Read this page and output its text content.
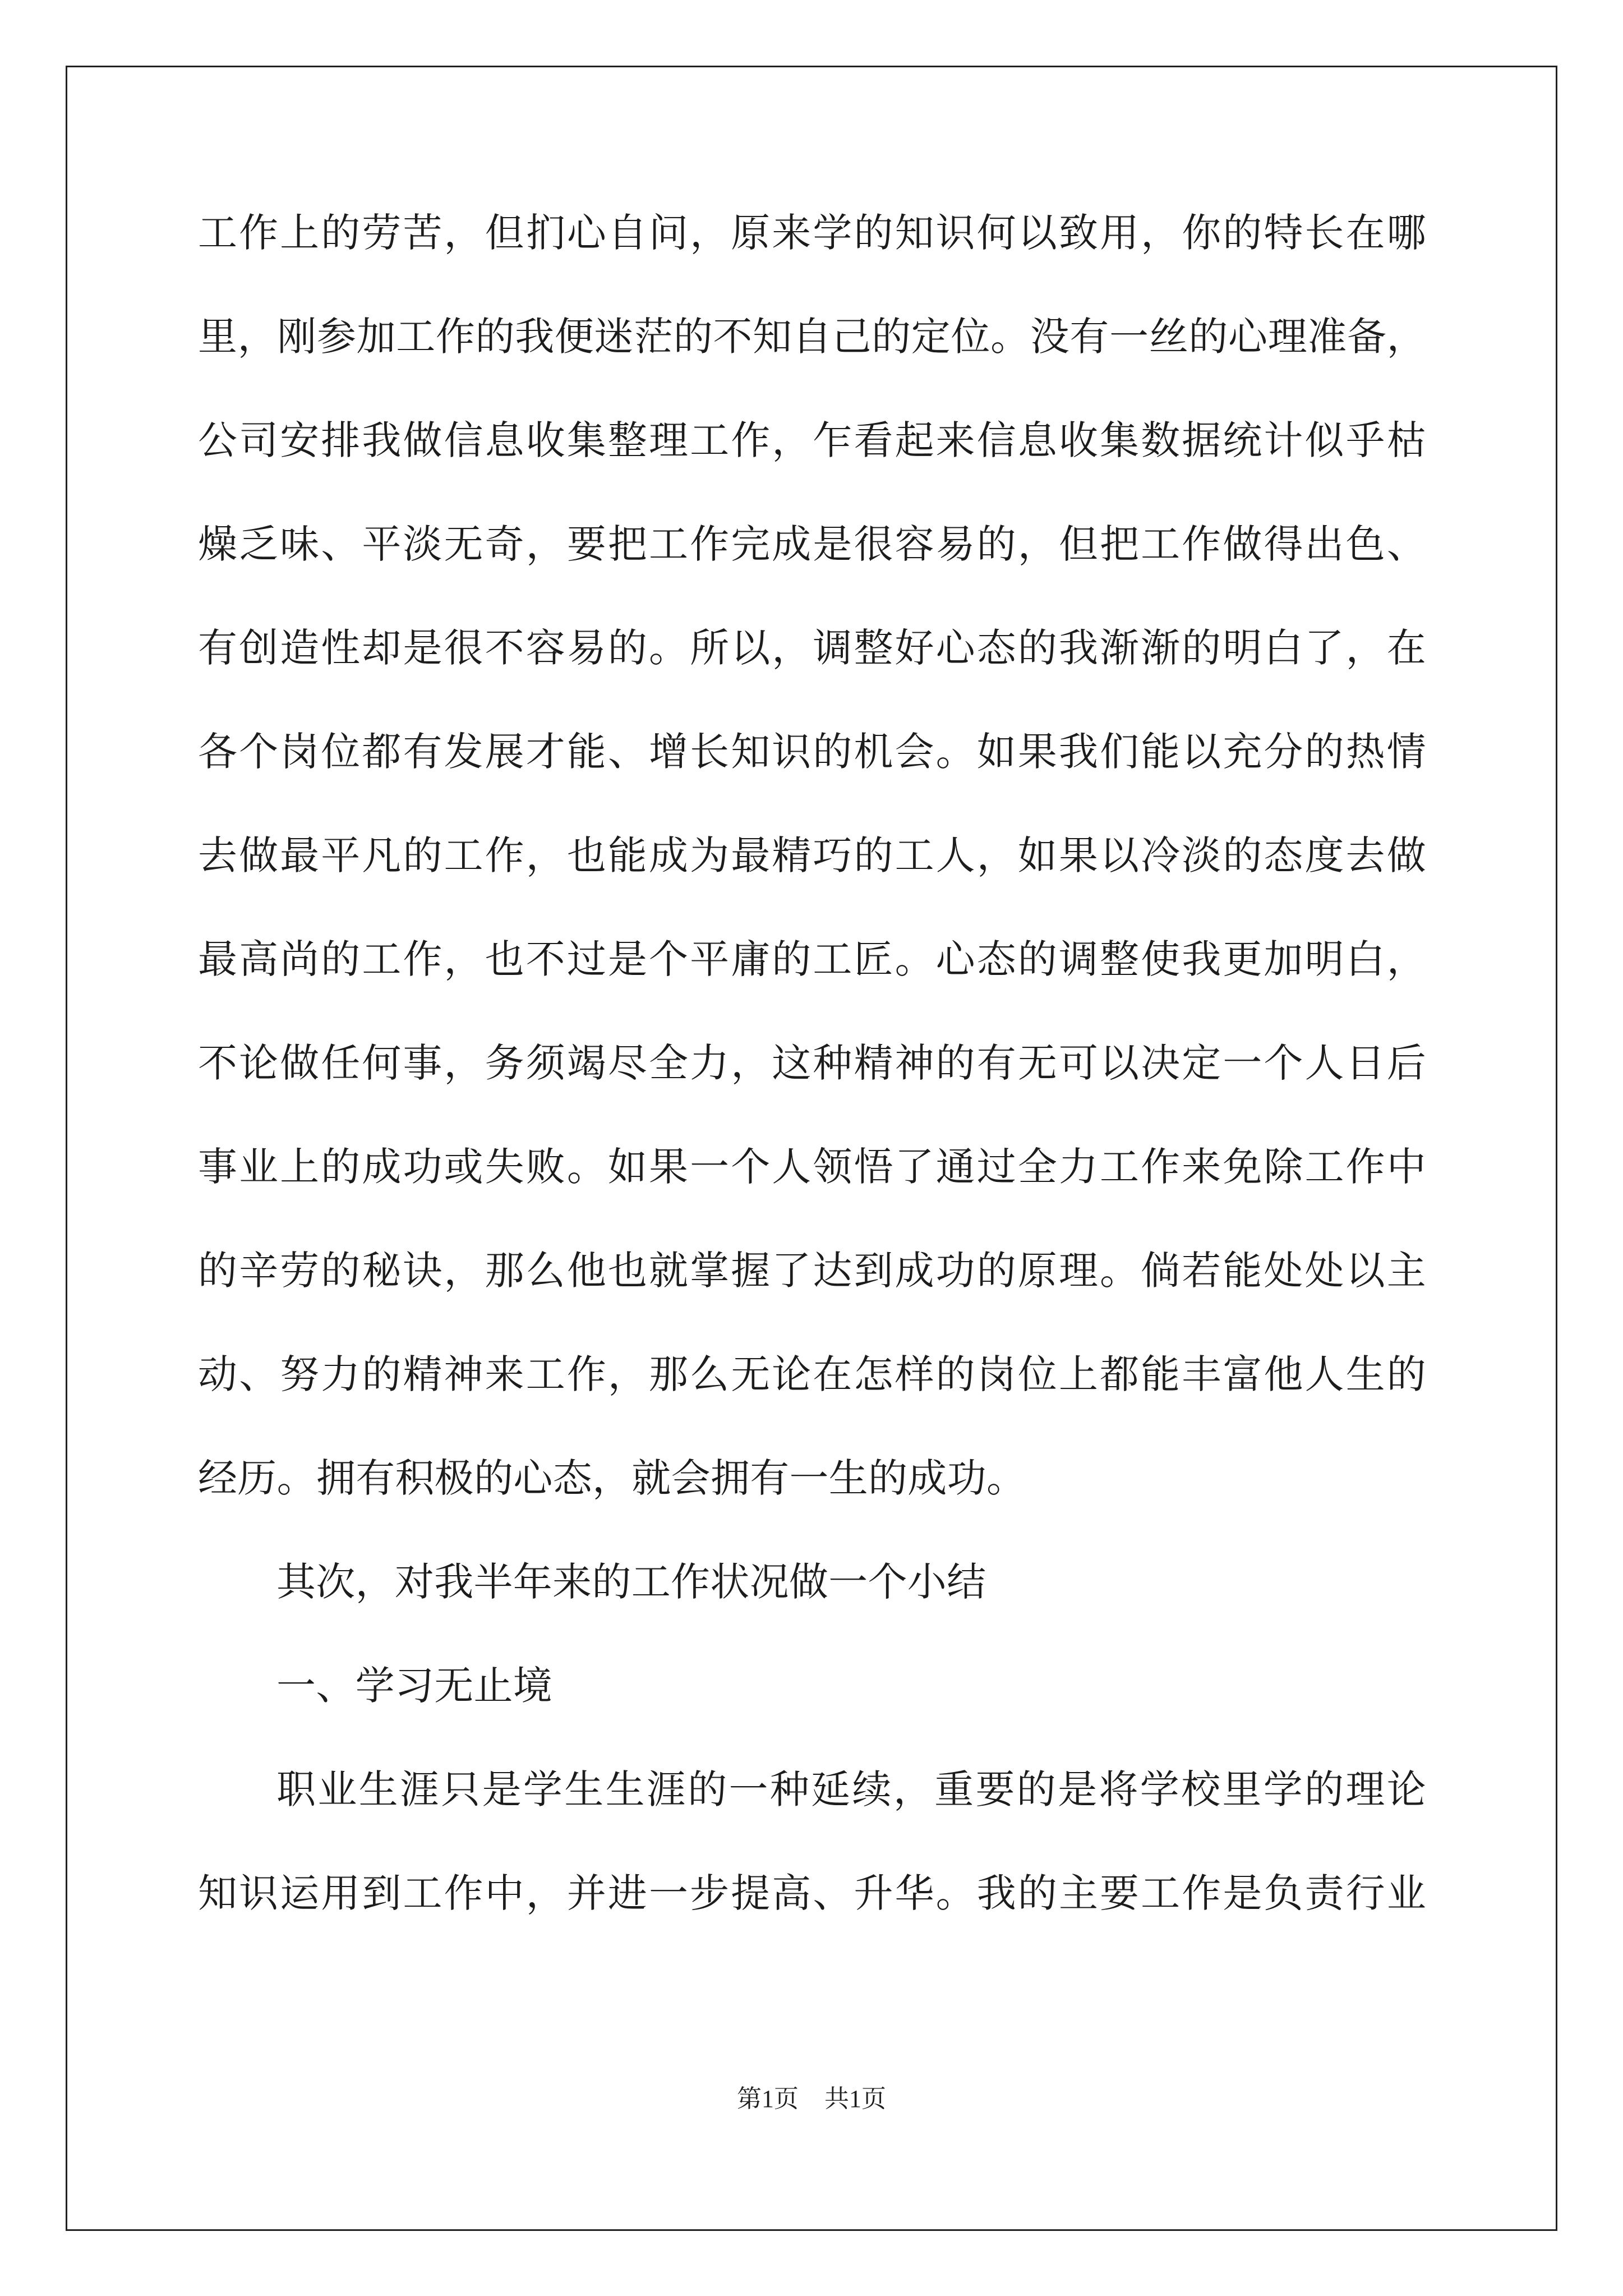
工作上的劳苦，但扪心自问，原来学的知识何以致用，你的特长在哪
里，刚参加工作的我便迷茫的不知自己的定位。没有一丝的心理准备，
公司安排我做信息收集整理工作，乍看起来信息收集数据统计似乎枯
燥乏味、平淡无奇，要把工作完成是很容易的，但把工作做得出色、
有创造性却是很不容易的。所以，调整好心态的我渐渐的明白了，在
各个岗位都有发展才能、增长知识的机会。如果我们能以充分的热情
去做最平凡的工作，也能成为最精巧的工人，如果以冷淡的态度去做
最高尚的工作，也不过是个平庸的工匠。心态的调整使我更加明白，
不论做任何事，务须竭尽全力，这种精神的有无可以决定一个人日后
事业上的成功或失败。如果一个人领悟了通过全力工作来免除工作中
的辛劳的秘诀，那么他也就掌握了达到成功的原理。倘若能处处以主
动、努力的精神来工作，那么无论在怎样的岗位上都能丰富他人生的
经历。拥有积极的心态，就会拥有一生的成功。
其次，对我半年来的工作状况做一个小结
一、学习无止境
职业生涯只是学生生涯的一种延续，重要的是将学校里学的理论
知识运用到工作中，并进一步提高、升华。我的主要工作是负责行业
第1页 共1页
